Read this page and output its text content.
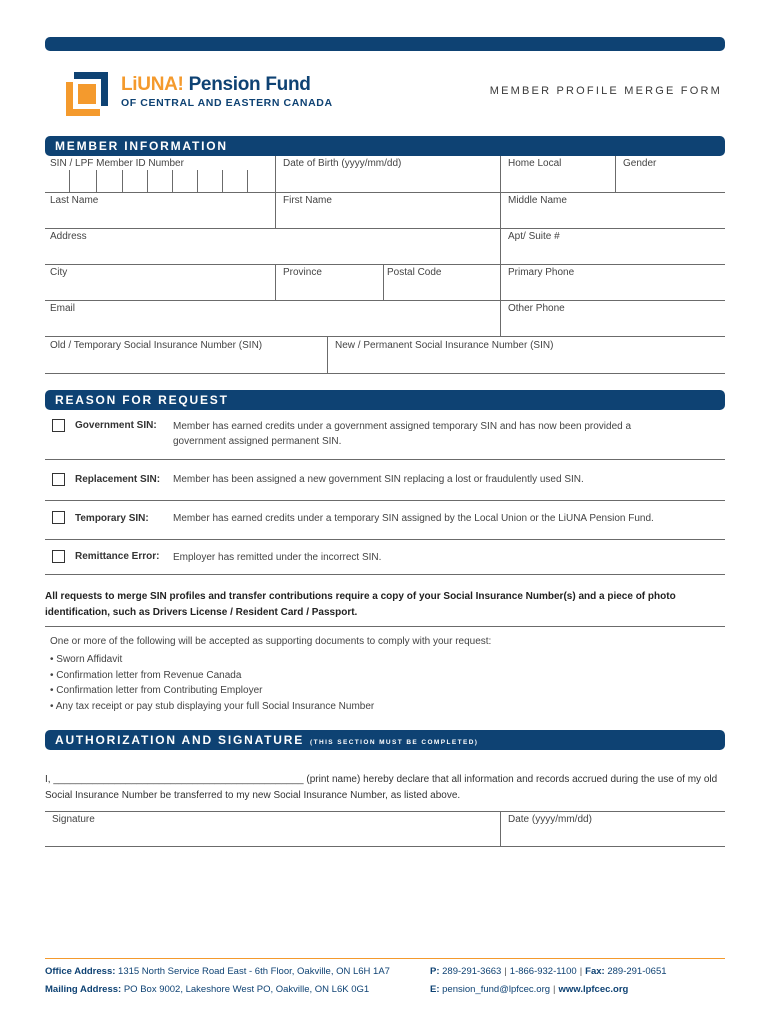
LiUNA! Pension Fund
OF CENTRAL AND EASTERN CANADA
MEMBER PROFILE MERGE FORM
MEMBER INFORMATION
SIN / LPF Member ID Number	Date of Birth (yyyy/mm/dd)	Home Local	Gender
Last Name	First Name	Middle Name
Address	Apt/ Suite #
City	Province	Postal Code	Primary Phone
Email	Other Phone
Old / Temporary Social Insurance Number (SIN)	New / Permanent Social Insurance Number (SIN)
REASON FOR REQUEST
Government SIN: Member has earned credits under a government assigned temporary SIN and has now been provided a government assigned permanent SIN.
Replacement SIN: Member has been assigned a new government SIN replacing a lost or fraudulently used SIN.
Temporary SIN: Member has earned credits under a temporary SIN assigned by the Local Union or the LiUNA Pension Fund.
Remittance Error: Employer has remitted under the incorrect SIN.
All requests to merge SIN profiles and transfer contributions require a copy of your Social Insurance Number(s) and a piece of photo identification, such as Drivers License / Resident Card / Passport.
One or more of the following will be accepted as supporting documents to comply with your request:
• Sworn Affidavit
• Confirmation letter from Revenue Canada
• Confirmation letter from Contributing Employer
• Any tax receipt or pay stub displaying your full Social Insurance Number
AUTHORIZATION AND SIGNATURE (THIS SECTION MUST BE COMPLETED)
I, _____________________________________________ (print name) hereby declare that all information and records accrued during the use of my old Social Insurance Number be transferred to my new Social Insurance Number, as listed above.
Signature	Date (yyyy/mm/dd)
Office Address: 1315 North Service Road East - 6th Floor, Oakville, ON L6H 1A7
Mailing Address: PO Box 9002, Lakeshore West PO, Oakville, ON L6K 0G1
P: 289-291-3663 | 1-866-932-1100 | Fax: 289-291-0651
E: pension_fund@lpfcec.org | www.lpfcec.org
